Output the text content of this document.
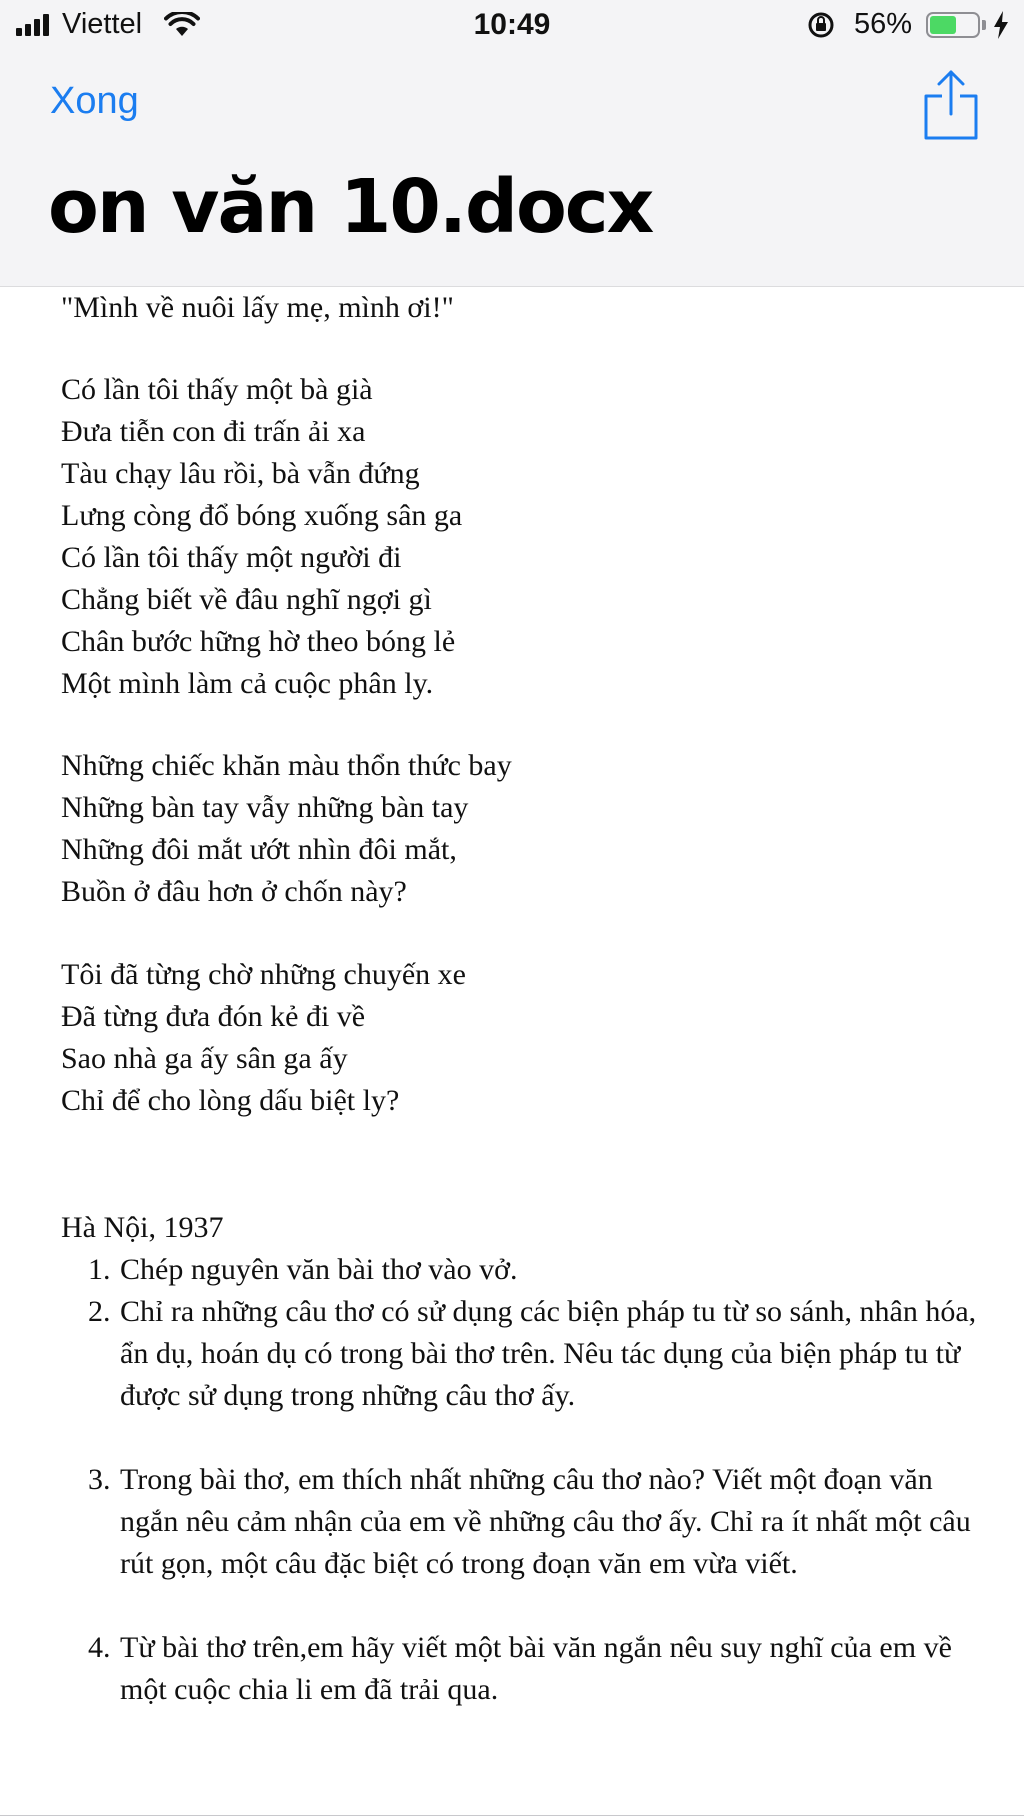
Viettel	10:49	56%
Xong
on văn 10.docx
"Mình về nuôi lấy mẹ, mình ơi!"
Có lần tôi thấy một bà già
Đưa tiễn con đi trấn ải xa
Tàu chạy lâu rồi, bà vẫn đứng
Lưng còng đổ bóng xuống sân ga
Có lần tôi thấy một người đi
Chẳng biết về đâu nghĩ ngợi gì
Chân bước hững hờ theo bóng lẻ
Một mình làm cả cuộc phân ly.
Những chiếc khăn màu thổn thức bay
Những bàn tay vẫy những bàn tay
Những đôi mắt ướt nhìn đôi mắt,
Buồn ở đâu hơn ở chốn này?
Tôi đã từng chờ những chuyến xe
Đã từng đưa đón kẻ đi về
Sao nhà ga ấy sân ga ấy
Chỉ để cho lòng dấu biệt ly?
Hà Nội, 1937
1. Chép nguyên văn bài thơ vào vở.
2. Chỉ ra những câu thơ có sử dụng các biện pháp tu từ so sánh, nhân hóa, ẩn dụ, hoán dụ có trong bài thơ trên. Nêu tác dụng của biện pháp tu từ được sử dụng trong những câu thơ ấy.
3. Trong bài thơ, em thích nhất những câu thơ nào? Viết một đoạn văn ngắn nêu cảm nhận của em về những câu thơ ấy. Chỉ ra ít nhất một câu rút gọn, một câu đặc biệt có trong đoạn văn em vừa viết.
4. Từ bài thơ trên,em hãy viết một bài văn ngắn nêu suy nghĩ của em về một cuộc chia li em đã trải qua.
